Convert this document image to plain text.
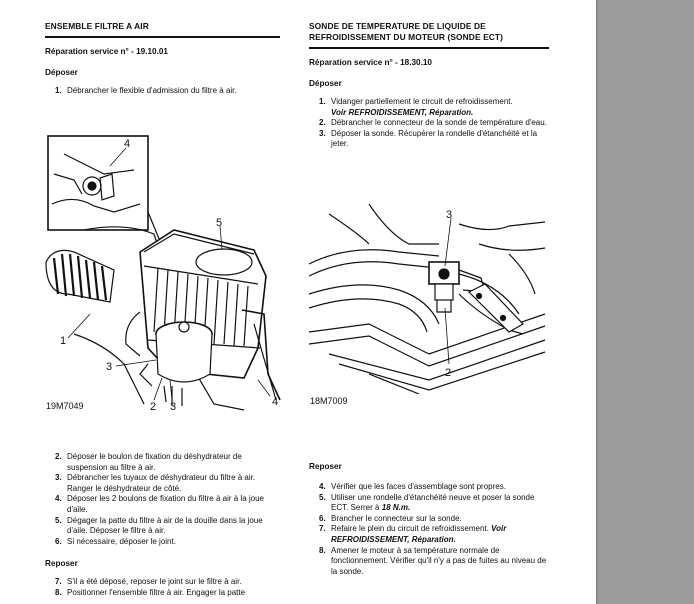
ENSEMBLE FILTRE A AIR
Réparation service n° - 19.10.01
Déposer
1. Débrancher le flexible d'admission du filtre à air.
4
5
1
3
2 3	4
19M7049
2. Déposer le boulon de fixation du déshydrateur de suspension au filtre à air.
3. Débrancher les tuyaux de déshydrateur du filtre à air. Ranger le déshydrateur de côté.
4. Déposer les 2 boulons de fixation du filtre à air à la joue d'aile.
5. Dégager la patte du filtre à air de la douille dans la joue d'aile. Déposer le filtre à air.
6. Si nécessaire, déposer le joint.
Reposer
7. S'il a été déposé, reposer le joint sur le filtre à air.
8. Positionner l'ensemble filtre à air. Engager la patte
SONDE DE TEMPERATURE DE LIQUIDE DE
REFROIDISSEMENT DU MOTEUR (SONDE ECT)
Réparation service n° - 18.30.10
Déposer
1. Vidanger partiellement le circuit de refroidissement.
Voir REFROIDISSEMENT, Réparation.
2. Débrancher le connecteur de la sonde de température d'eau.
3. Déposer la sonde. Récupérer la rondelle d'étanchéité et la jeter.
3
2
18M7009
Reposer
4. Vérifier que les faces d'assemblage sont propres.
5. Utiliser une rondelle d'étanchéité neuve et poser la sonde ECT. Serrer à 18 N.m.
6. Brancher le connecteur sur la sonde.
7. Refaire le plein du circuit de refroidissement. Voir
REFROIDISSEMENT, Réparation.
8. Amener le moteur à sa température normale de fonctionnement. Vérifier qu'il n'y a pas de fuites au niveau de la sonde.
